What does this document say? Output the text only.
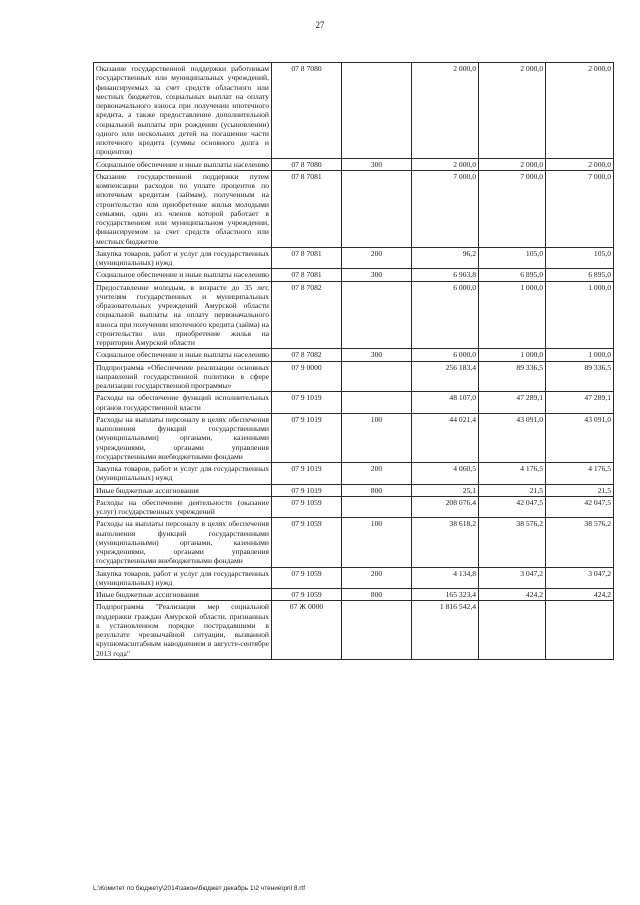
27
Оказание государственной поддержки работникам государственных или муниципальных учреждений, финансируемых за счет средств областного или местных бюджетов, социальных выплат на оплату первоначального взноса при получении ипотечного кредита, а также предоставление дополнительной социальной выплаты при рождении (усыновлении) одного или нескольких детей на погашение части ипотечного кредита (суммы основного долга и процентов)	07 8 7080		2 000,0	2 000,0	2 000,0
Социальное обеспечение и иные выплаты населению	07 8 7080	300	2 000,0	2 000,0	2 000,0
Оказание государственной поддержки путем компенсации расходов по уплате процентов по ипотечным кредитам (займам), полученным на строительство или приобретение жилья молодыми семьями, один из членов которой работает в государственном или муниципальном учреждении, финансируемом за счет средств областного или местных бюджетов	07 8 7081		7 000,0	7 000,0	7 000,0
Закупка товаров, работ и услуг для государственных (муниципальных) нужд	07 8 7081	200	96,2	105,0	105,0
Социальное обеспечение и иные выплаты населению	07 8 7081	300	6 903,8	6 895,0	6 895,0
Предоставление молодым, в возрасте до 35 лет, учителям государственных и муниципальных образовательных учреждений Амурской области социальной выплаты на оплату первоначального взноса при получении ипотечного кредита (займа) на строительство или приобретение жилья на территории Амурской области	07 8 7082		6 000,0	1 000,0	1 000,0
Социальное обеспечение и иные выплаты населению	07 8 7082	300	6 000,0	1 000,0	1 000,0
Подпрограмма «Обеспечение реализации основных направлений государственной политики в сфере реализации государственной программы»	07 9 0000		256 183,4	89 336,5	89 336,5
Расходы на обеспечение функций исполнительных органов государственной власти	07 9 1019		48 107,0	47 289,1	47 289,1
Расходы на выплаты персоналу в целях обеспечения выполнения функций государственными (муниципальными) органами, казенными учреждениями, органами управления государственными внебюджетными фондами	07 9 1019	100	44 021,4	43 091,0	43 091,0
Закупка товаров, работ и услуг для государственных (муниципальных) нужд	07 9 1019	200	4 060,5	4 176,5	4 176,5
Иные бюджетные ассигнования	07 9 1019	800	25,1	21,5	21,5
Расходы на обеспечение деятельности (оказание услуг) государственных учреждений	07 9 1059		208 076,4	42 047,5	42 047,5
Расходы на выплаты персоналу в целях обеспечения выполнения функций государственными (муниципальными) органами, казенными учреждениями, органами управления государственными внебюджетными фондами	07 9 1059	100	38 618,2	38 576,2	38 576,2
Закупка товаров, работ и услуг для государственных (муниципальных) нужд	07 9 1059	200	4 134,8	3 047,2	3 047,2
Иные бюджетные ассигнования	07 9 1059	800	165 323,4	424,2	424,2
Подпрограмма "Реализация мер социальной поддержки граждан Амурской области, признанных в установленном порядке пострадавшими в результате чрезвычайной ситуации, вызванной крупномасштабным наводнением в августе-сентябре 2013 года"	07 Ж 0000		1 816 542,4		
L:\Комитет по бюджету\2014\закон\бюджет декабрь 1\2 чтение\pril 8.rtf
